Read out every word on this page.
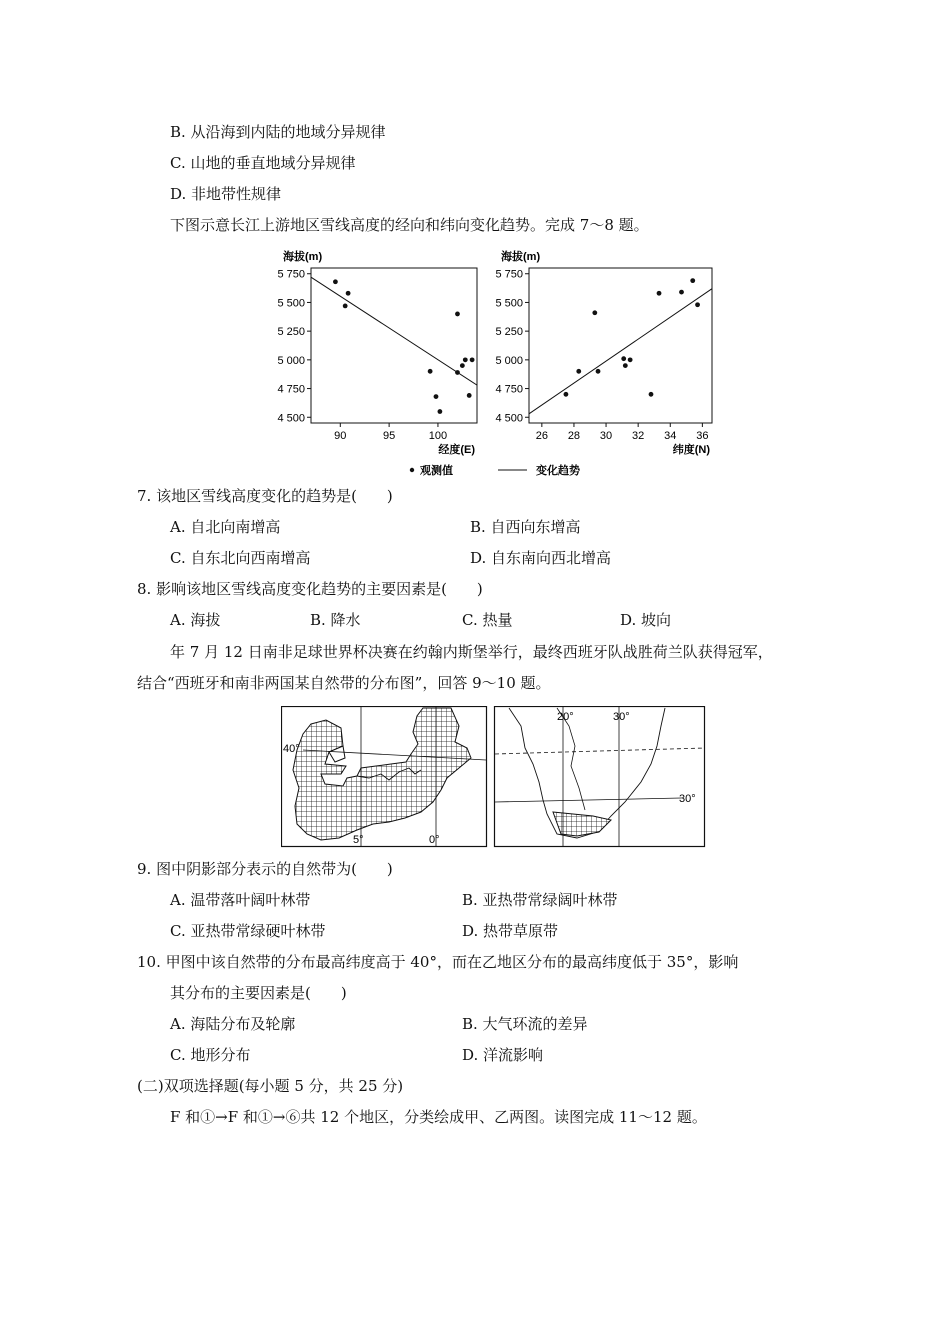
B. 从沿海到内陆的地域分异规律
C. 山地的垂直地域分异规律
D. 非地带性规律
下图示意长江上游地区雪线高度的经向和纬向变化趋势。完成 7～8 题。
5 750
5 500
5 250
5 000
4 750
4 500
90	95	100
海拔(m)
经度(E)
5 750
5 500
5 250
5 000
4 750
4 500
26 28 30 32 34 36
海拔(m)
纬度(N)
观测值	变化趋势
7. 该地区雪线高度变化的趋势是(　　)
A. 自北向南增高	B. 自西向东增高
C. 自东北向西南增高	D. 自东南向西北增高
8. 影响该地区雪线高度变化趋势的主要因素是(　　)
A. 海拔	B. 降水	C. 热量	D. 坡向
年 7 月 12 日南非足球世界杯决赛在约翰内斯堡举行，最终西班牙队战胜荷兰队获得冠军，
结合“西班牙和南非两国某自然带的分布图”，回答 9～10 题。
40°
5°	0°
20°	30°
30°
9. 图中阴影部分表示的自然带为(　　)
A. 温带落叶阔叶林带	B. 亚热带常绿阔叶林带
C. 亚热带常绿硬叶林带	D. 热带草原带
10. 甲图中该自然带的分布最高纬度高于 40°，而在乙地区分布的最高纬度低于 35°，影响
其分布的主要因素是(　　)
A. 海陆分布及轮廓	B. 大气环流的差异
C. 地形分布	D. 洋流影响
(二)双项选择题(每小题 5 分，共 25 分)
F 和①→F 和①→⑥共 12 个地区，分类绘成甲、乙两图。读图完成 11～12 题。
